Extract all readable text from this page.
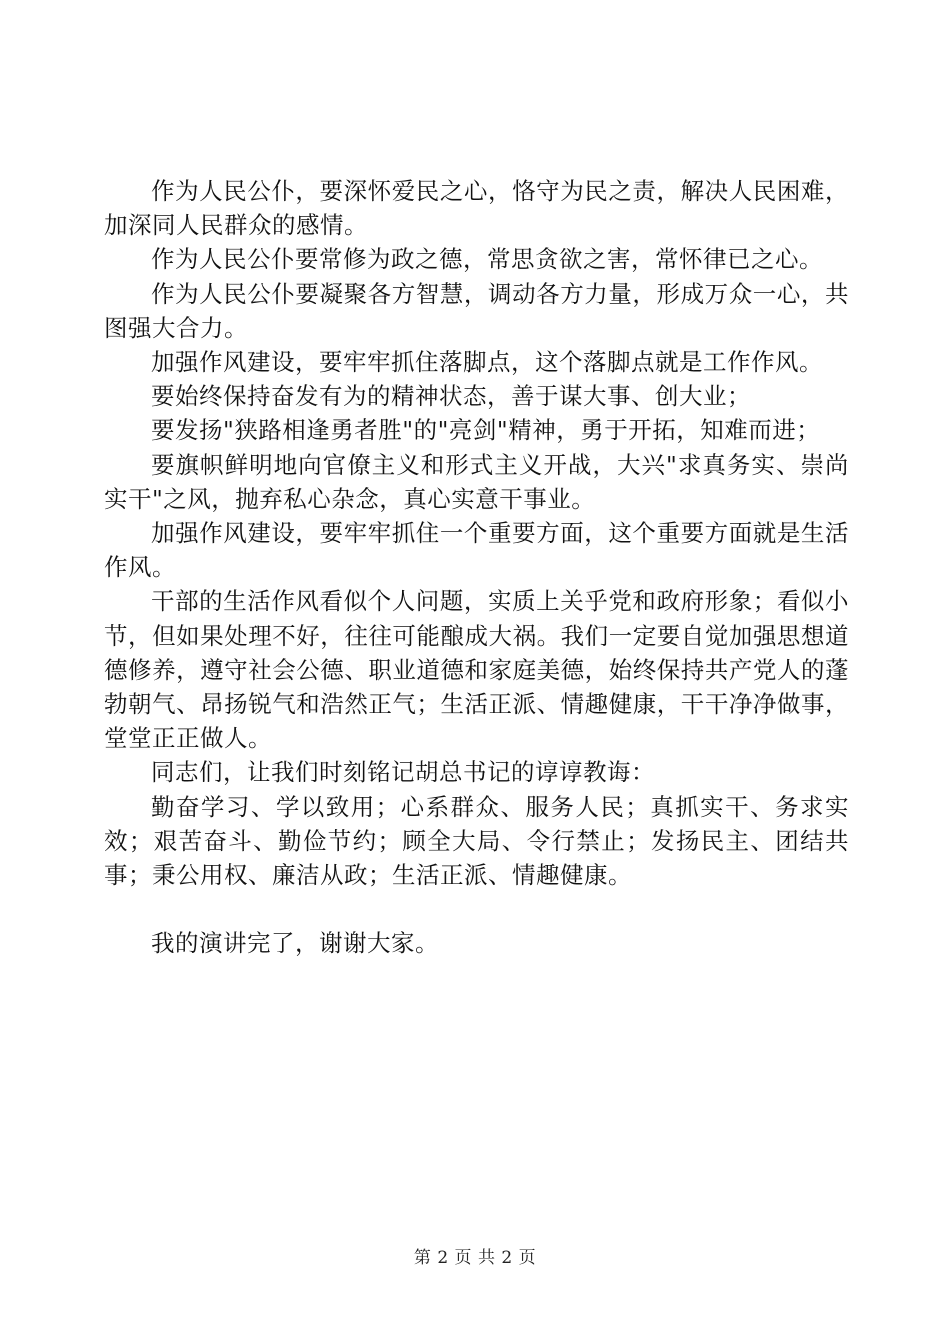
作为人民公仆，要深怀爱民之心，恪守为民之责，解决人民困难，加深同人民群众的感情。

作为人民公仆要常修为政之德，常思贪欲之害，常怀律已之心。

作为人民公仆要凝聚各方智慧，调动各方力量，形成万众一心，共图强大合力。

加强作风建设，要牢牢抓住落脚点，这个落脚点就是工作作风。

要始终保持奋发有为的精神状态，善于谋大事、创大业；

要发扬"狭路相逢勇者胜"的"亮剑"精神，勇于开拓，知难而进；

要旗帜鲜明地向官僚主义和形式主义开战，大兴"求真务实、崇尚实干"之风，抛弃私心杂念，真心实意干事业。

加强作风建设，要牢牢抓住一个重要方面，这个重要方面就是生活作风。

干部的生活作风看似个人问题，实质上关乎党和政府形象；看似小节，但如果处理不好，往往可能酿成大祸。我们一定要自觉加强思想道德修养，遵守社会公德、职业道德和家庭美德，始终保持共产党人的蓬勃朝气、昂扬锐气和浩然正气；生活正派、情趣健康，干干净净做事，堂堂正正做人。

同志们，让我们时刻铭记胡总书记的谆谆教诲：

勤奋学习、学以致用；心系群众、服务人民；真抓实干、务求实效；艰苦奋斗、勤俭节约；顾全大局、令行禁止；发扬民主、团结共事；秉公用权、廉洁从政；生活正派、情趣健康。

我的演讲完了，谢谢大家。

第 2 页 共 2 页
